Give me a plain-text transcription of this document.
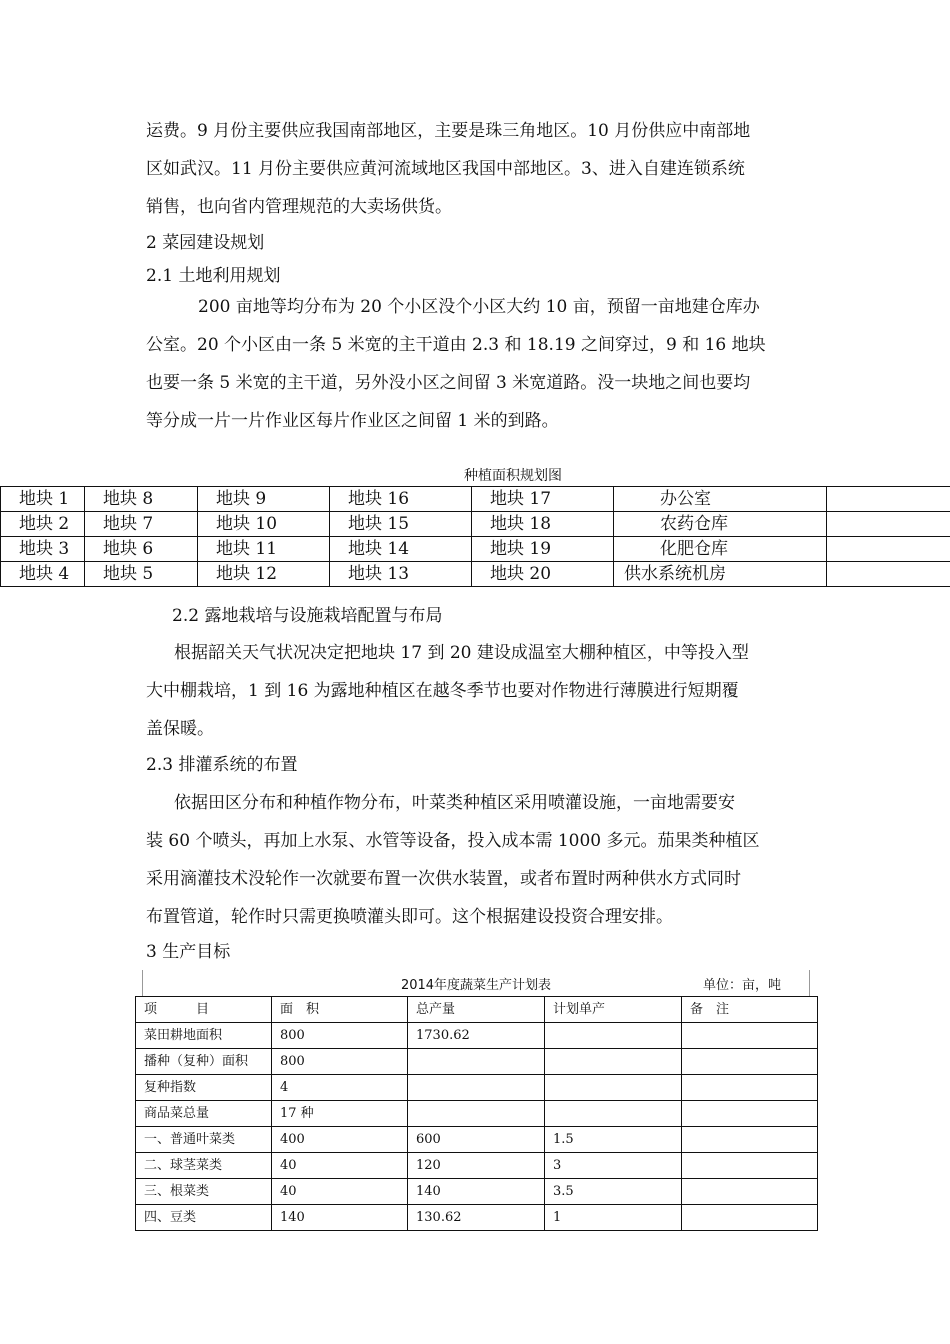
运费。9 月份主要供应我国南部地区，主要是珠三角地区。10 月份供应中南部地
区如武汉。11 月份主要供应黄河流域地区我国中部地区。3、进入自建连锁系统
销售，也向省内管理规范的大卖场供货。
2 菜园建设规划
2.1 土地利用规划
200 亩地等均分布为 20 个小区没个小区大约 10 亩，预留一亩地建仓库办
公室。20 个小区由一条 5 米宽的主干道由 2.3 和 18.19 之间穿过，9 和 16 地块
也要一条 5 米宽的主干道，另外没小区之间留 3 米宽道路。没一块地之间也要均
等分成一片一片作业区每片作业区之间留 1 米的到路。
种植面积规划图
地块 1	地块 8	地块 9	地块 16	地块 17	办公室	
地块 2	地块 7	地块 10	地块 15	地块 18	农药仓库	
地块 3	地块 6	地块 11	地块 14	地块 19	化肥仓库	
地块 4	地块 5	地块 12	地块 13	地块 20	供水系统机房	
2.2 露地栽培与设施栽培配置与布局
根据韶关天气状况决定把地块 17 到 20 建设成温室大棚种植区，中等投入型
大中棚栽培，1 到 16 为露地种植区在越冬季节也要对作物进行薄膜进行短期覆
盖保暖。
2.3 排灌系统的布置
依据田区分布和种植作物分布，叶菜类种植区采用喷灌设施，一亩地需要安
装 60 个喷头，再加上水泵、水管等设备，投入成本需 1000 多元。茄果类种植区
采用滴灌技术没轮作一次就要布置一次供水装置，或者布置时两种供水方式同时
布置管道，轮作时只需更换喷灌头即可。这个根据建设投资合理安排。
3 生产目标
2014年度蔬菜生产计划表	单位：亩，吨
项　　　目	面　积	总产量	计划单产	备　注
菜田耕地面积	800	1730.62		
播种（复种）面积	800			
复种指数	4			
商品菜总量	17 种			
一、普通叶菜类	400	600	1.5	
二、球茎菜类	40	120	3	
三、根菜类	40	140	3.5	
四、豆类	140	130.62	1	
